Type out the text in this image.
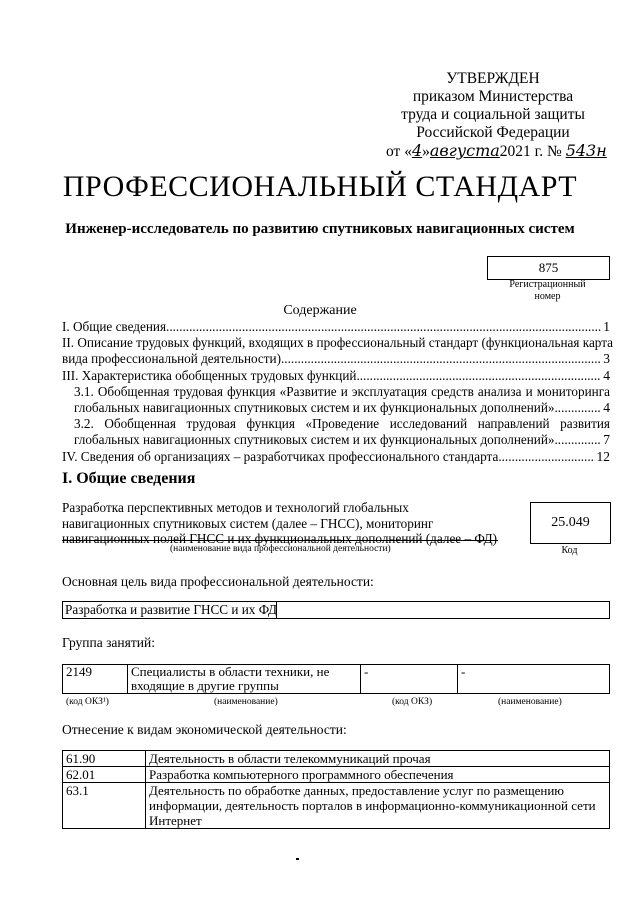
УТВЕРЖДЕН
приказом Министерства
труда и социальной защиты
Российской Федерации
от «4»августа2021 г. № 543н
ПРОФЕССИОНАЛЬНЫЙ СТАНДАРТ
Инженер-исследователь по развитию спутниковых навигационных систем
875
Регистрационный
номер
Содержание
I. Общие сведения .....	1
II. Описание трудовых функций, входящих в профессиональный стандарт (функциональная карта
вида профессиональной деятельности) .....	3
III. Характеристика обобщенных трудовых функций .....	4
3.1. Обобщенная трудовая функция «Развитие и эксплуатация средств анализа и мониторинга
глобальных навигационных спутниковых систем и их функциональных дополнений» .....	4
3.2. Обобщенная трудовая функция «Проведение исследований направлений развития
глобальных навигационных спутниковых систем и их функциональных дополнений» .....	7
IV. Сведения об организациях – разработчиках профессионального стандарта .....	12
I. Общие сведения
Разработка перспективных методов и технологий глобальных
навигационных спутниковых систем (далее – ГНСС), мониторинг
навигационных полей ГНСС и их функциональных дополнений (далее – ФД)
(наименование вида профессиональной деятельности)
25.049
Код
Основная цель вида профессиональной деятельности:
Разработка и развитие ГНСС и их ФД
Группа занятий:
2149	Специалисты в области техники, не входящие в другие группы	-	-
(код ОКЗ¹)	(наименование)	(код ОКЗ)	(наименование)
Отнесение к видам экономической деятельности:
61.90	Деятельность в области телекоммуникаций прочая
62.01	Разработка компьютерного программного обеспечения
63.1	Деятельность по обработке данных, предоставление услуг по размещению информации, деятельность порталов в информационно-коммуникационной сети Интернет
